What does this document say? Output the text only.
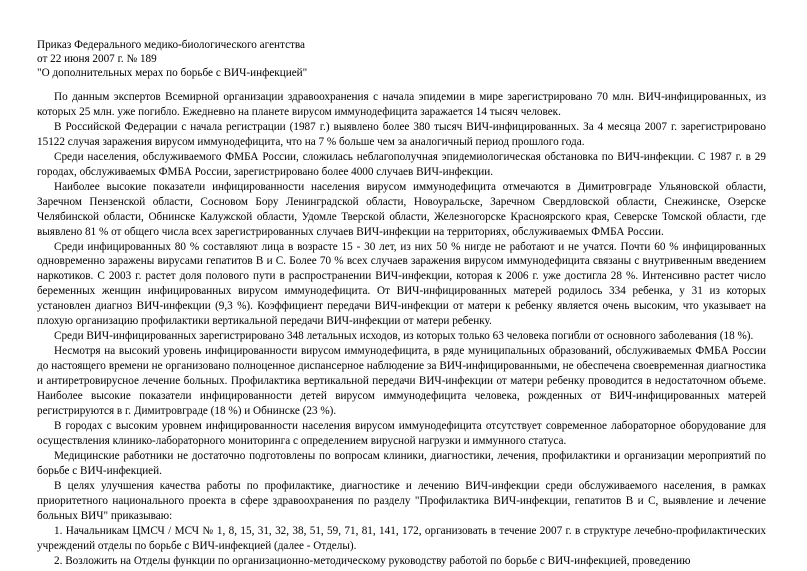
Приказ Федерального медико-биологического агентства
от 22 июня 2007 г. № 189
"О дополнительных мерах по борьбе с ВИЧ-инфекцией"

По данным экспертов Всемирной организации здравоохранения с начала эпидемии в мире зарегистрировано 70 млн. ВИЧ-инфицированных, из которых 25 млн. уже погибло. Ежедневно на планете вирусом иммунодефицита заражается 14 тысяч человек.

В Российской Федерации с начала регистрации (1987 г.) выявлено более 380 тысяч ВИЧ-инфицированных. За 4 месяца 2007 г. зарегистрировано 15122 случая заражения вирусом иммунодефицита, что на 7 % больше чем за аналогичный период прошлого года.

Среди населения, обслуживаемого ФМБА России, сложилась неблагополучная эпидемиологическая обстановка по ВИЧ-инфекции. С 1987 г. в 29 городах, обслуживаемых ФМБА России, зарегистрировано более 4000 случаев ВИЧ-инфекции.

Наиболее высокие показатели инфицированности населения вирусом иммунодефицита отмечаются в Димитровграде Ульяновской области, Заречном Пензенской области, Сосновом Бору Ленинградской области, Новоуральске, Заречном Свердловской области, Снежинске, Озерске Челябинской области, Обнинске Калужской области, Удомле Тверской области, Железногорске Красноярского края, Северске Томской области, где выявлено 81 % от общего числа всех зарегистрированных случаев ВИЧ-инфекции на территориях, обслуживаемых ФМБА России.

Среди инфицированных 80 % составляют лица в возрасте 15 - 30 лет, из них 50 % нигде не работают и не учатся. Почти 60 % инфицированных одновременно заражены вирусами гепатитов В и С. Более 70 % всех случаев заражения вирусом иммунодефицита связаны с внутривенным введением наркотиков. С 2003 г. растет доля полового пути в распространении ВИЧ-инфекции, которая к 2006 г. уже достигла 28 %. Интенсивно растет число беременных женщин инфицированных вирусом иммунодефицита. От ВИЧ-инфицированных матерей родилось 334 ребенка, у 31 из которых установлен диагноз ВИЧ-инфекции (9,3 %). Коэффициент передачи ВИЧ-инфекции от матери к ребенку является очень высоким, что указывает на плохую организацию профилактики вертикальной передачи ВИЧ-инфекции от матери ребенку.

Среди ВИЧ-инфицированных зарегистрировано 348 летальных исходов, из которых только 63 человека погибли от основного заболевания (18 %).

Несмотря на высокий уровень инфицированности вирусом иммунодефицита, в ряде муниципальных образований, обслуживаемых ФМБА России до настоящего времени не организовано полноценное диспансерное наблюдение за ВИЧ-инфицированными, не обеспечена своевременная диагностика и антиретровирусное лечение больных. Профилактика вертикальной передачи ВИЧ-инфекции от матери ребенку проводится в недостаточном объеме. Наиболее высокие показатели инфицированности детей вирусом иммунодефицита человека, рожденных от ВИЧ-инфицированных матерей регистрируются в г. Димитровграде (18 %) и Обнинске (23 %).

В городах с высоким уровнем инфицированности населения вирусом иммунодефицита отсутствует современное лабораторное оборудование для осуществления клинико-лабораторного мониторинга с определением вирусной нагрузки и иммунного статуса.

Медицинские работники не достаточно подготовлены по вопросам клиники, диагностики, лечения, профилактики и организации мероприятий по борьбе с ВИЧ-инфекцией.

В целях улучшения качества работы по профилактике, диагностике и лечению ВИЧ-инфекции среди обслуживаемого населения, в рамках приоритетного национального проекта в сфере здравоохранения по разделу "Профилактика ВИЧ-инфекции, гепатитов В и С, выявление и лечение больных ВИЧ" приказываю:

1. Начальникам ЦМСЧ / МСЧ № 1, 8, 15, 31, 32, 38, 51, 59, 71, 81, 141, 172, организовать в течение 2007 г. в структуре лечебно-профилактических учреждений отделы по борьбе с ВИЧ-инфекцией (далее - Отделы).

2. Возложить на Отделы функции по организационно-методическому руководству работой по борьбе с ВИЧ-инфекцией, проведению
